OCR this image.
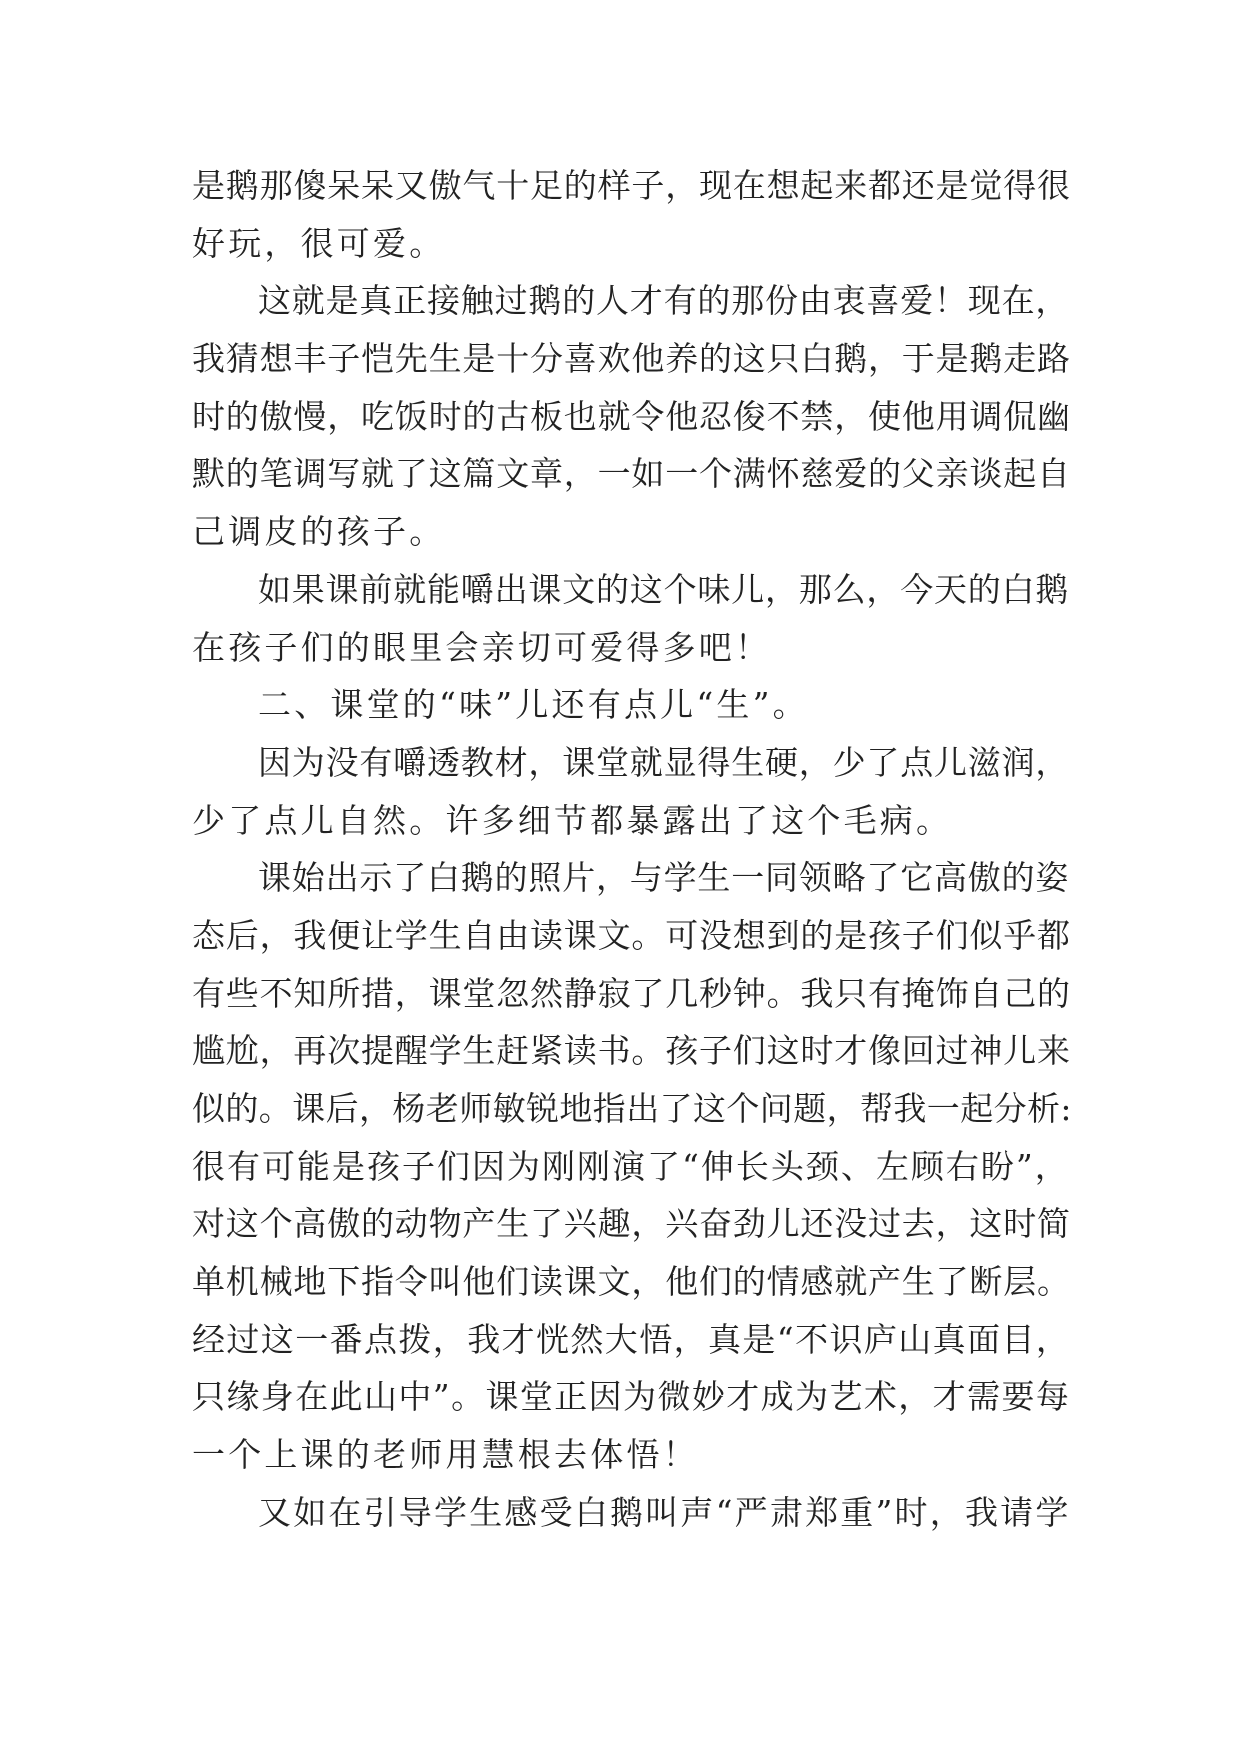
是鹅那傻呆呆又傲气十足的样子，现在想起来都还是觉得很
好玩，很可爱。
这就是真正接触过鹅的人才有的那份由衷喜爱！现在，
我猜想丰子恺先生是十分喜欢他养的这只白鹅，于是鹅走路
时的傲慢，吃饭时的古板也就令他忍俊不禁，使他用调侃幽
默的笔调写就了这篇文章，一如一个满怀慈爱的父亲谈起自
己调皮的孩子。
如果课前就能嚼出课文的这个味儿，那么，今天的白鹅
在孩子们的眼里会亲切可爱得多吧！
二、课堂的“味”儿还有点儿“生”。
因为没有嚼透教材，课堂就显得生硬，少了点儿滋润，
少了点儿自然。许多细节都暴露出了这个毛病。
课始出示了白鹅的照片，与学生一同领略了它高傲的姿
态后，我便让学生自由读课文。可没想到的是孩子们似乎都
有些不知所措，课堂忽然静寂了几秒钟。我只有掩饰自己的
尴尬，再次提醒学生赶紧读书。孩子们这时才像回过神儿来
似的。课后，杨老师敏锐地指出了这个问题，帮我一起分析:
很有可能是孩子们因为刚刚演了“伸长头颈、左顾右盼”，
对这个高傲的动物产生了兴趣，兴奋劲儿还没过去，这时简
单机械地下指令叫他们读课文，他们的情感就产生了断层。
经过这一番点拨，我才恍然大悟，真是“不识庐山真面目，
只缘身在此山中”。课堂正因为微妙才成为艺术，才需要每
一个上课的老师用慧根去体悟！
又如在引导学生感受白鹅叫声“严肃郑重”时，我请学
